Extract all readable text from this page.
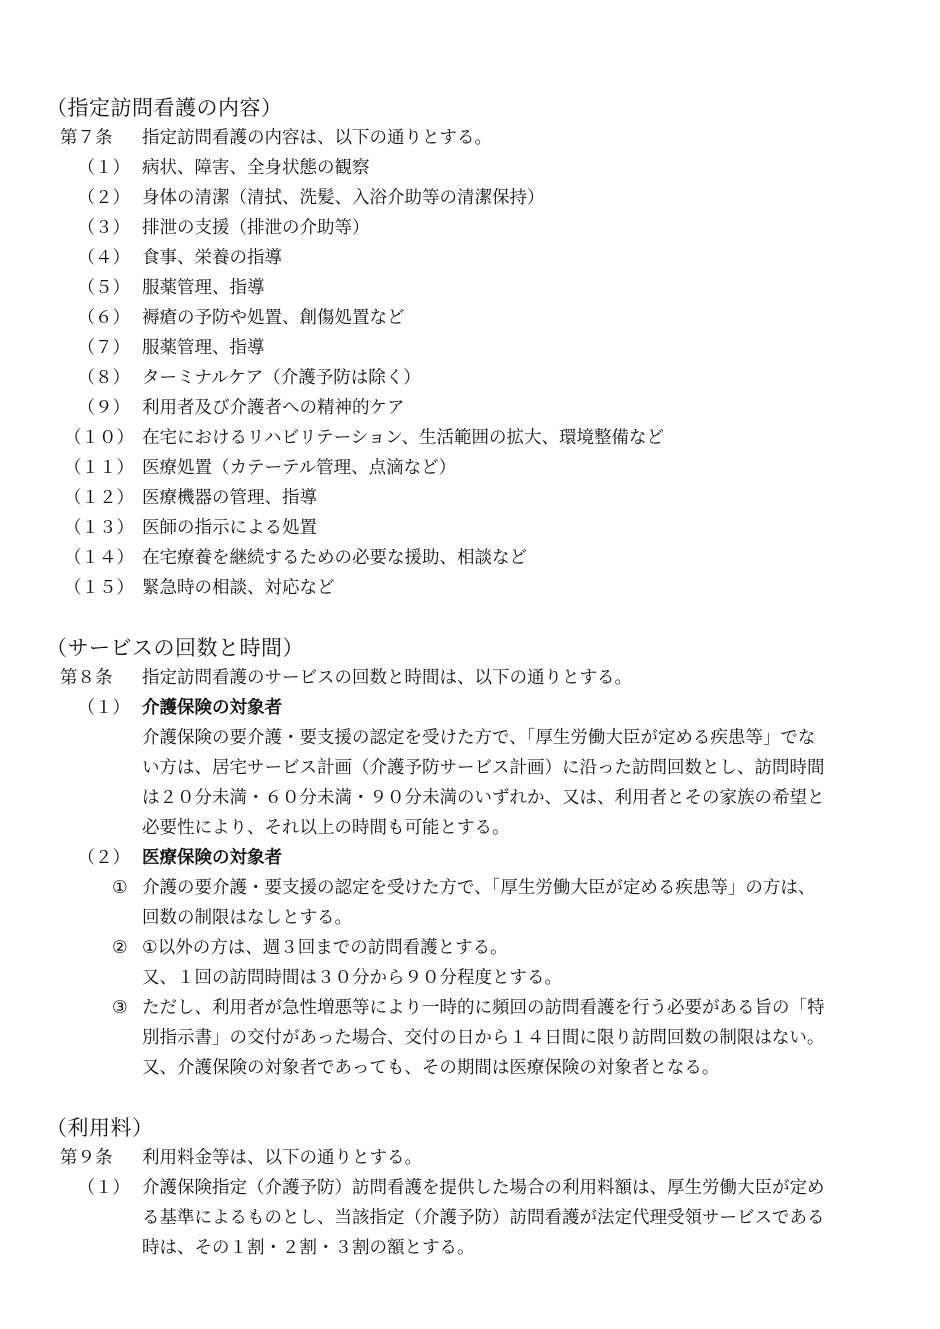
（指定訪問看護の内容）
第７条 指定訪問看護の内容は、以下の通りとする。
（１） 病状、障害、全身状態の観察
（２） 身体の清潔（清拭、洗髪、入浴介助等の清潔保持）
（３） 排泄の支援（排泄の介助等）
（４） 食事、栄養の指導
（５） 服薬管理、指導
（６） 褥瘡の予防や処置、創傷処置など
（７） 服薬管理、指導
（８） ターミナルケア（介護予防は除く）
（９） 利用者及び介護者への精神的ケア
（１０） 在宅におけるリハビリテーション、生活範囲の拡大、環境整備など
（１１） 医療処置（カテーテル管理、点滴など）
（１２） 医療機器の管理、指導
（１３） 医師の指示による処置
（１４） 在宅療養を継続するための必要な援助、相談など
（１５） 緊急時の相談、対応など
（サービスの回数と時間）
第８条 指定訪問看護のサービスの回数と時間は、以下の通りとする。
（１） 介護保険の対象者
介護保険の要介護・要支援の認定を受けた方で、「厚生労働大臣が定める疾患等」でな
い方は、居宅サービス計画（介護予防サービス計画）に沿った訪問回数とし、訪問時間
は２０分未満・６０分未満・９０分未満のいずれか、又は、利用者とその家族の希望と
必要性により、それ以上の時間も可能とする。
（２） 医療保険の対象者
① 介護の要介護・要支援の認定を受けた方で、「厚生労働大臣が定める疾患等」の方は、
回数の制限はなしとする。
② ①以外の方は、週３回までの訪問看護とする。
又、１回の訪問時間は３０分から９０分程度とする。
③ ただし、利用者が急性増悪等により一時的に頻回の訪問看護を行う必要がある旨の「特
別指示書」の交付があった場合、交付の日から１４日間に限り訪問回数の制限はない。
又、介護保険の対象者であっても、その期間は医療保険の対象者となる。
（利用料）
第９条 利用料金等は、以下の通りとする。
（１） 介護保険指定（介護予防）訪問看護を提供した場合の利用料額は、厚生労働大臣が定め
る基準によるものとし、当該指定（介護予防）訪問看護が法定代理受領サービスである
時は、その１割・２割・３割の額とする。
